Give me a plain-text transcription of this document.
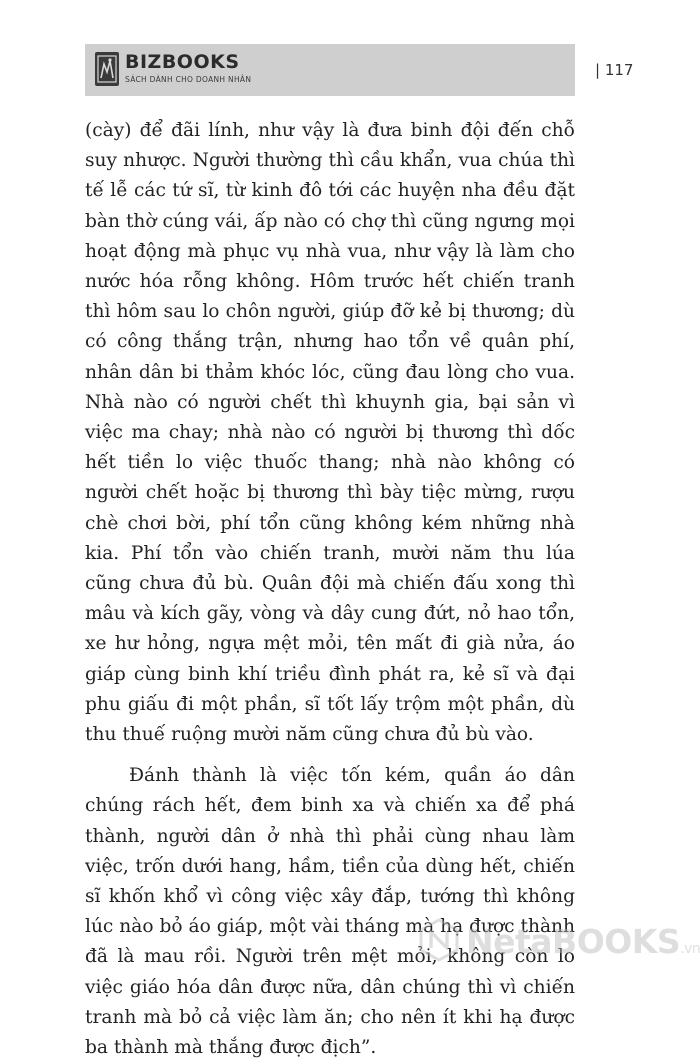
BIZBOOKS
SÁCH DÀNH CHO DOANH NHÂN
| 117

(cày) để đãi lính, như vậy là đưa binh đội đến chỗ suy nhược. Người thường thì cầu khẩn, vua chúa thì tế lễ các tứ sĩ, từ kinh đô tới các huyện nha đều đặt bàn thờ cúng vái, ấp nào có chợ thì cũng ngưng mọi hoạt động mà phục vụ nhà vua, như vậy là làm cho nước hóa rỗng không. Hôm trước hết chiến tranh thì hôm sau lo chôn người, giúp đỡ kẻ bị thương; dù có công thắng trận, nhưng hao tổn về quân phí, nhân dân bi thảm khóc lóc, cũng đau lòng cho vua. Nhà nào có người chết thì khuynh gia, bại sản vì việc ma chay; nhà nào có người bị thương thì dốc hết tiền lo việc thuốc thang; nhà nào không có người chết hoặc bị thương thì bày tiệc mừng, rượu chè chơi bời, phí tổn cũng không kém những nhà kia. Phí tổn vào chiến tranh, mười năm thu lúa cũng chưa đủ bù. Quân đội mà chiến đấu xong thì mâu và kích gãy, vòng và dây cung đứt, nỏ hao tổn, xe hư hỏng, ngựa mệt mỏi, tên mất đi già nửa, áo giáp cùng binh khí triều đình phát ra, kẻ sĩ và đại phu giấu đi một phần, sĩ tốt lấy trộm một phần, dù thu thuế ruộng mười năm cũng chưa đủ bù vào.

Đánh thành là việc tốn kém, quần áo dân chúng rách hết, đem binh xa và chiến xa để phá thành, người dân ở nhà thì phải cùng nhau làm việc, trốn dưới hang, hầm, tiền của dùng hết, chiến sĩ khốn khổ vì công việc xây đắp, tướng thì không lúc nào bỏ áo giáp, một vài tháng mà hạ được thành đã là mau rồi. Người trên mệt mỏi, không còn lo việc giáo hóa dân được nữa, dân chúng thì vì chiến tranh mà bỏ cả việc làm ăn; cho nên ít khi hạ được ba thành mà thắng được địch”.

NetaBOOKS.vn
